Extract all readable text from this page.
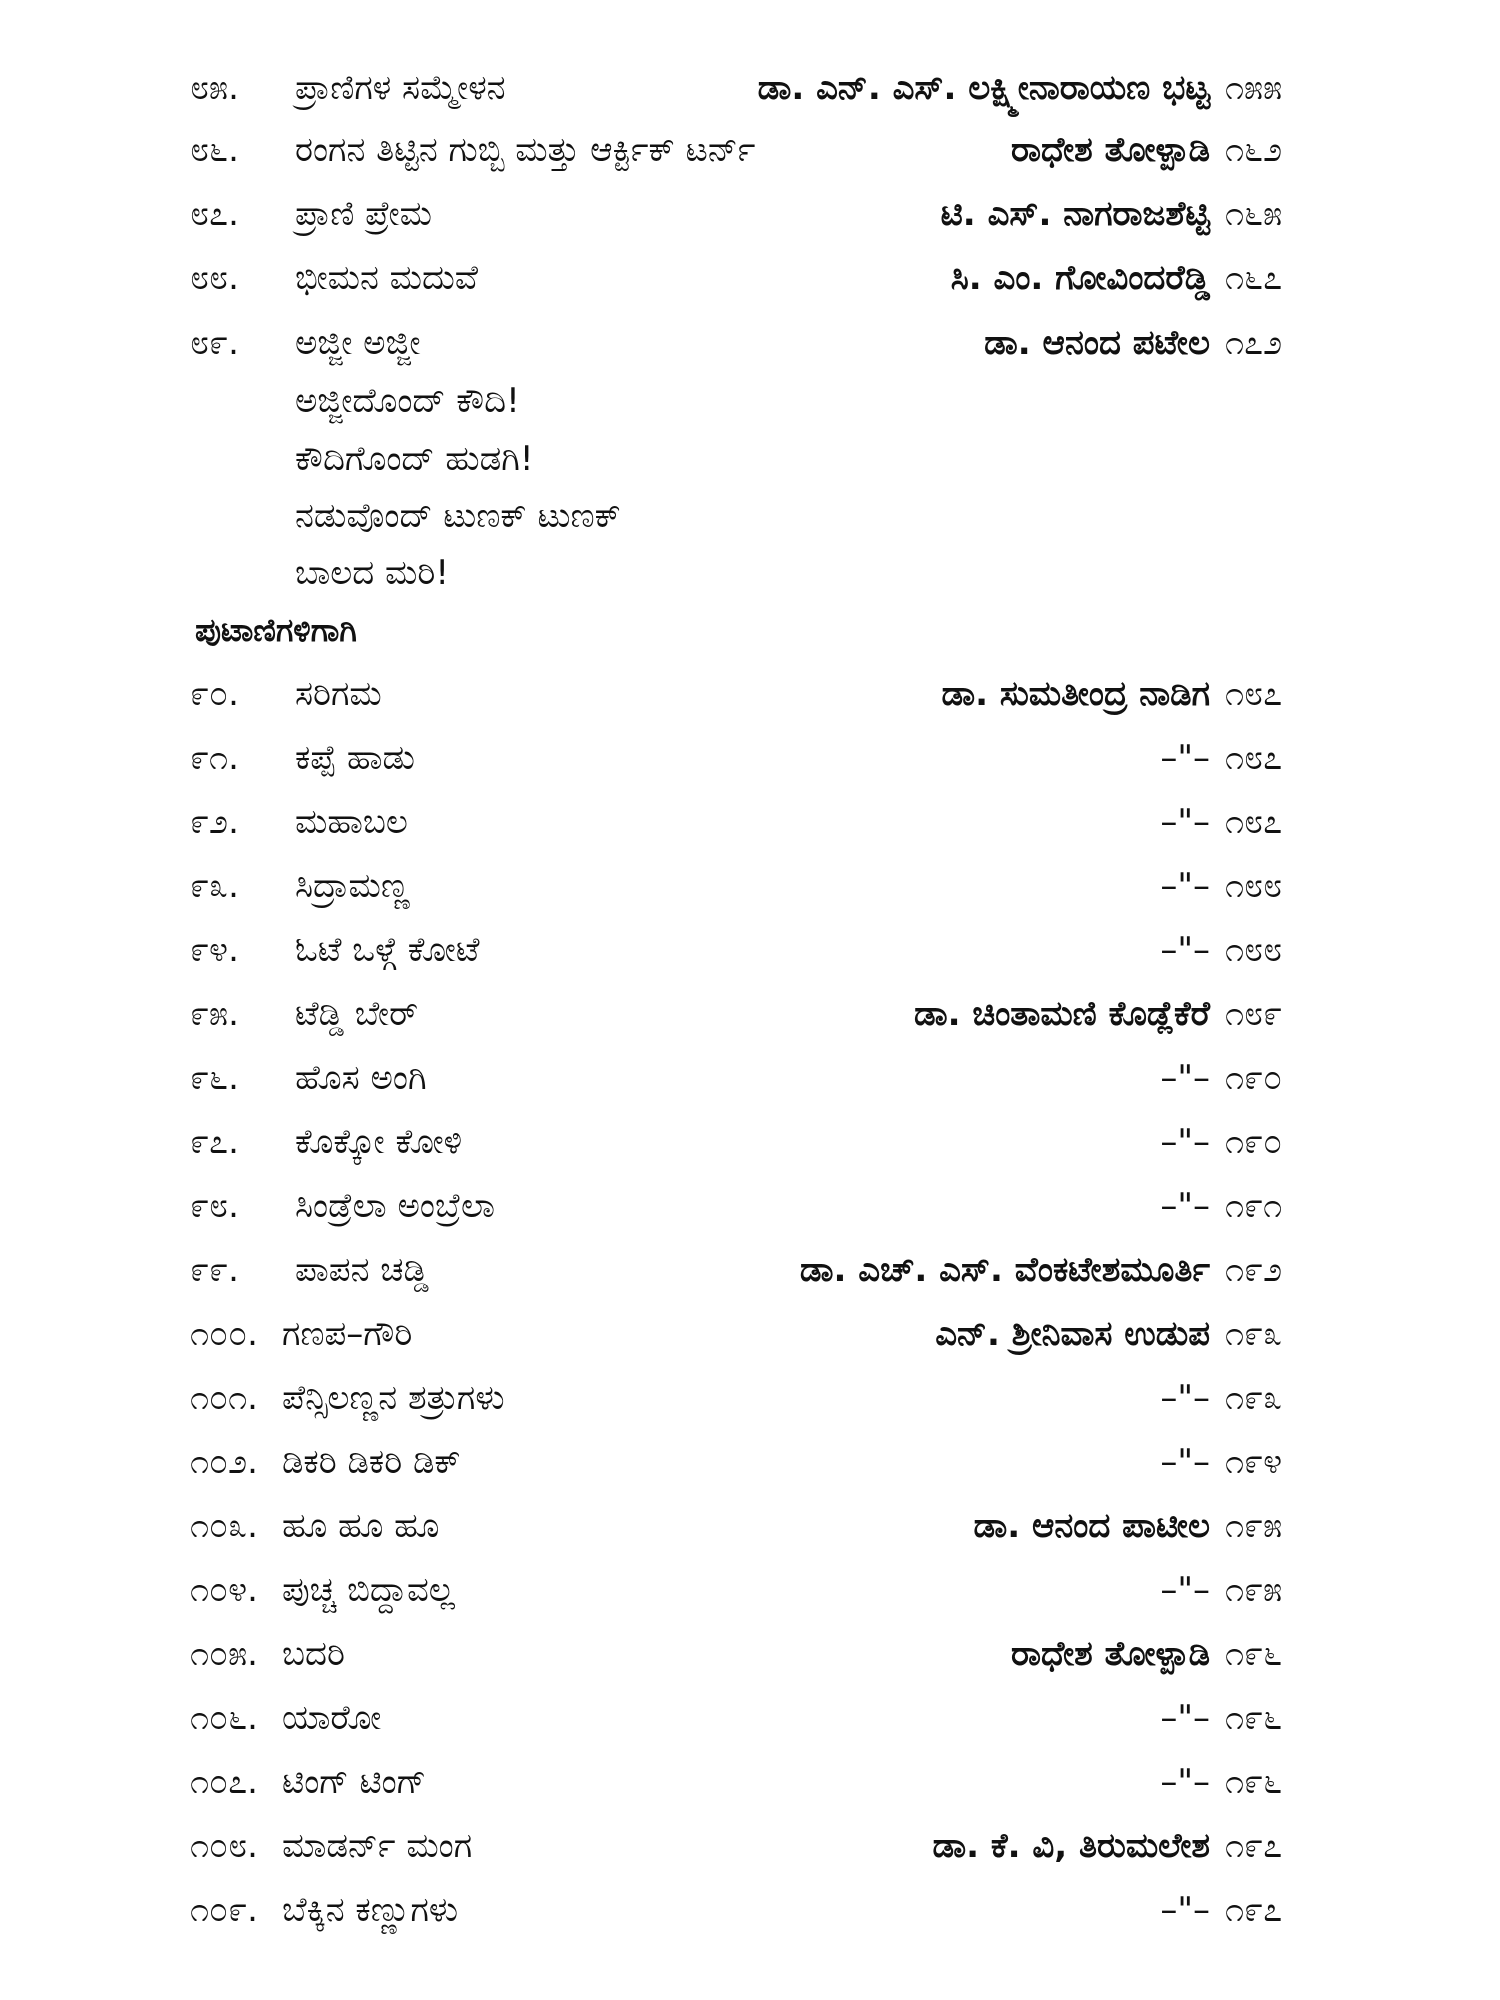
೮೫. ಪ್ರಾಣಿಗಳ ಸಮ್ಮೇಳನ	ಡಾ. ಎನ್. ಎಸ್. ಲಕ್ಷ್ಮೀನಾರಾಯಣ ಭಟ್ಟ ೧೫೫
೮೬. ರಂಗನ ತಿಟ್ಟಿನ ಗುಬ್ಬಿ ಮತ್ತು ಆರ್ಕ್ಟಿಕ್ ಟರ್ನ್	ರಾಧೇಶ ತೋಳ್ಪಾಡಿ ೧೬೨
೮೭. ಪ್ರಾಣಿ ಪ್ರೇಮ	ಟಿ. ಎಸ್. ನಾಗರಾಜಶೆಟ್ಟಿ ೧೬೫
೮೮. ಭೀಮನ ಮದುವೆ	ಸಿ. ಎಂ. ಗೋವಿಂದರೆಡ್ಡಿ ೧೬೭
೮೯. ಅಜ್ಜೀ ಅಜ್ಜೀ	ಡಾ. ಆನಂದ ಪಟೇಲ ೧೭೨
ಅಜ್ಜೀದೊಂದ್ ಕೌದಿ!
ಕೌದಿಗೊಂದ್ ಹುಡಗಿ!
ನಡುವೊಂದ್ ಟುಣಕ್ ಟುಣಕ್
ಬಾಲದ ಮರಿ!
ಪುಟಾಣಿಗಳಿಗಾಗಿ
೯೦. ಸರಿಗಮ	ಡಾ. ಸುಮತೀಂದ್ರ ನಾಡಿಗ ೧೮೭
೯೧. ಕಪ್ಪೆ ಹಾಡು	–"– ೧೮೭
೯೨. ಮಹಾಬಲ	–"– ೧೮೭
೯೩. ಸಿದ್ರಾಮಣ್ಣ	–"– ೧೮೮
೯೪. ಓಟೆ ಒಳ್ಗೆ ಕೋಟೆ	–"– ೧೮೮
೯೫. ಟೆಡ್ಡಿ ಬೇರ್	ಡಾ. ಚಿಂತಾಮಣಿ ಕೊಡ್ಲೆಕೆರೆ ೧೮೯
೯೬. ಹೊಸ ಅಂಗಿ	–"– ೧೯೦
೯೭. ಕೊಕ್ಕೋ ಕೋಳಿ	–"– ೧೯೦
೯೮. ಸಿಂಡ್ರೆಲಾ ಅಂಬ್ರೆಲಾ	–"– ೧೯೧
೯೯. ಪಾಪನ ಚಡ್ಡಿ	ಡಾ. ಎಚ್. ಎಸ್. ವೆಂಕಟೇಶಮೂರ್ತಿ ೧೯೨
೧೦೦. ಗಣಪ–ಗೌರಿ	ಎನ್. ಶ್ರೀನಿವಾಸ ಉಡುಪ ೧೯೩
೧೦೧. ಪೆನ್ಸಿಲಣ್ಣನ ಶತ್ರುಗಳು	–"– ೧೯೩
೧೦೨. ಡಿಕರಿ ಡಿಕರಿ ಡಿಕ್	–"– ೧೯೪
೧೦೩. ಹೂ ಹೂ ಹೂ	ಡಾ. ಆನಂದ ಪಾಟೀಲ ೧೯೫
೧೦೪. ಪುಚ್ಚ ಬಿದ್ದಾವಲ್ಲ	–"– ೧೯೫
೧೦೫. ಬದರಿ	ರಾಧೇಶ ತೋಳ್ಪಾಡಿ ೧೯೬
೧೦೬. ಯಾರೋ	–"– ೧೯೬
೧೦೭. ಟಿಂಗ್ ಟಿಂಗ್	–"– ೧೯೬
೧೦೮. ಮಾಡರ್ನ್ ಮಂಗ	ಡಾ. ಕೆ. ವಿ, ತಿರುಮಲೇಶ ೧೯೭
೧೦೯. ಬೆಕ್ಕಿನ ಕಣ್ಣುಗಳು	–"– ೧೯೭
